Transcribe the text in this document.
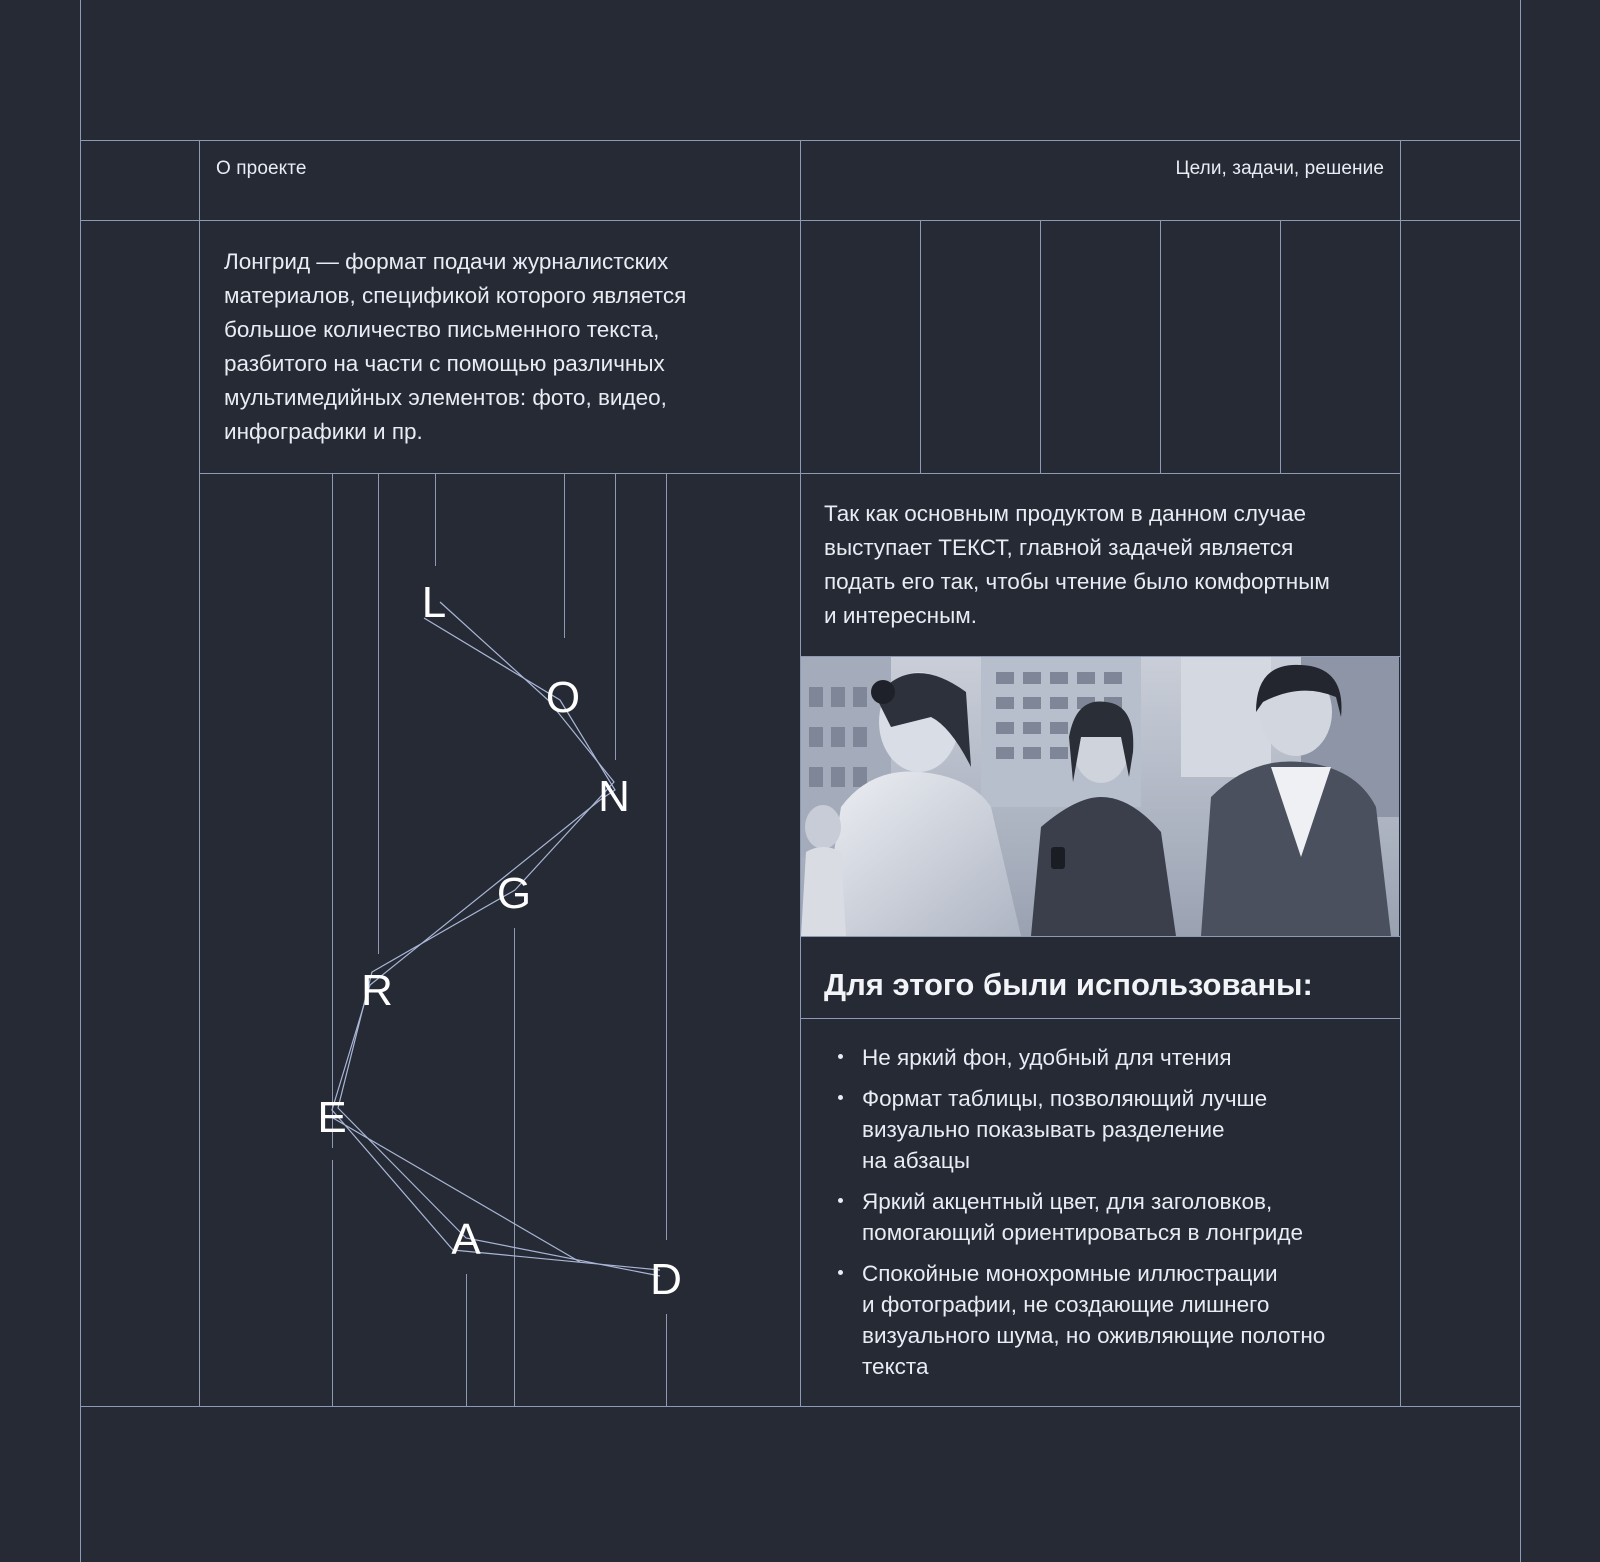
О проекте	Цели, задачи, решение

Лонгрид — формат подачи журналистских
материалов, спецификой которого является
большое количество письменного текста,
разбитого на части с помощью различных
мультимедийных элементов: фото, видео,
инфографики и пр.

Так как основным продуктом в данном случае
выступает ТЕКСТ, главной задачей является
подать его так, чтобы чтение было комфортным
и интересным.

Для этого были использованы:
Не яркий фон, удобный для чтения
Формат таблицы, позволяющий лучше
визуально показывать разделение
на абзацы
Яркий акцентный цвет, для заголовков,
помогающий ориентироваться в лонгриде
Спокойные монохромные иллюстрации
и фотографии, не создающие лишнего
визуального шума, но оживляющие полотно
текста
L
O
N
G
R
E
A
D
